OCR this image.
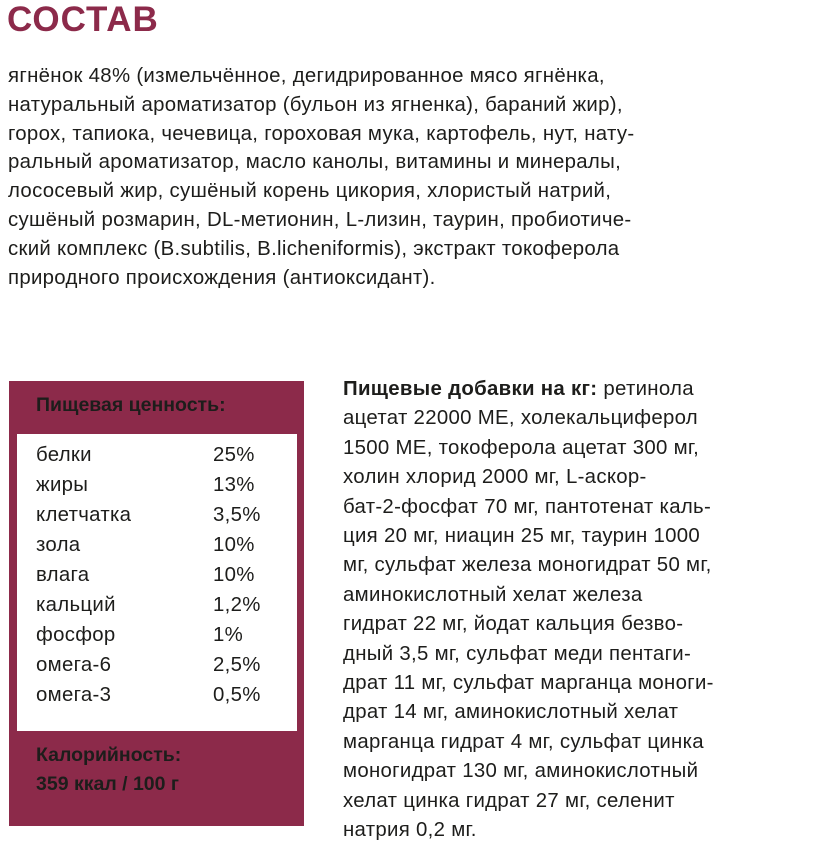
СОСТАВ
ягнёнок 48% (измельчённое, дегидрированное мясо ягнёнка,
натуральный ароматизатор (бульон из ягненка), бараний жир),
горох, тапиока, чечевица, гороховая мука, картофель, нут, нату-
ральный ароматизатор, масло канолы, витамины и минералы,
лососевый жир, сушёный корень цикория, хлористый натрий,
сушёный розмарин, DL-метионин, L-лизин, таурин, пробиотиче-
ский комплекс (B.subtilis, B.licheniformis), экстракт токоферола
природного происхождения (антиоксидант).
Пищевая ценность:
белки	25%
жиры	13%
клетчатка	3,5%
зола	10%
влага	10%
кальций	1,2%
фосфор	1%
омега-6	2,5%
омега-3	0,5%
Калорийность:
359 ккал / 100 г
Пищевые добавки на кг: ретинола
ацетат 22000 МЕ, холекальциферол
1500 МЕ, токоферола ацетат 300 мг,
холин хлорид 2000 мг, L-аскор-
бат-2-фосфат 70 мг, пантотенат каль-
ция 20 мг, ниацин 25 мг, таурин 1000
мг, сульфат железа моногидрат 50 мг,
аминокислотный хелат железа
гидрат 22 мг, йодат кальция безво-
дный 3,5 мг, сульфат меди пентаги-
драт 11 мг, сульфат марганца моноги-
драт 14 мг, аминокислотный хелат
марганца гидрат 4 мг, сульфат цинка
моногидрат 130 мг, аминокислотный
хелат цинка гидрат 27 мг, селенит
натрия 0,2 мг.
